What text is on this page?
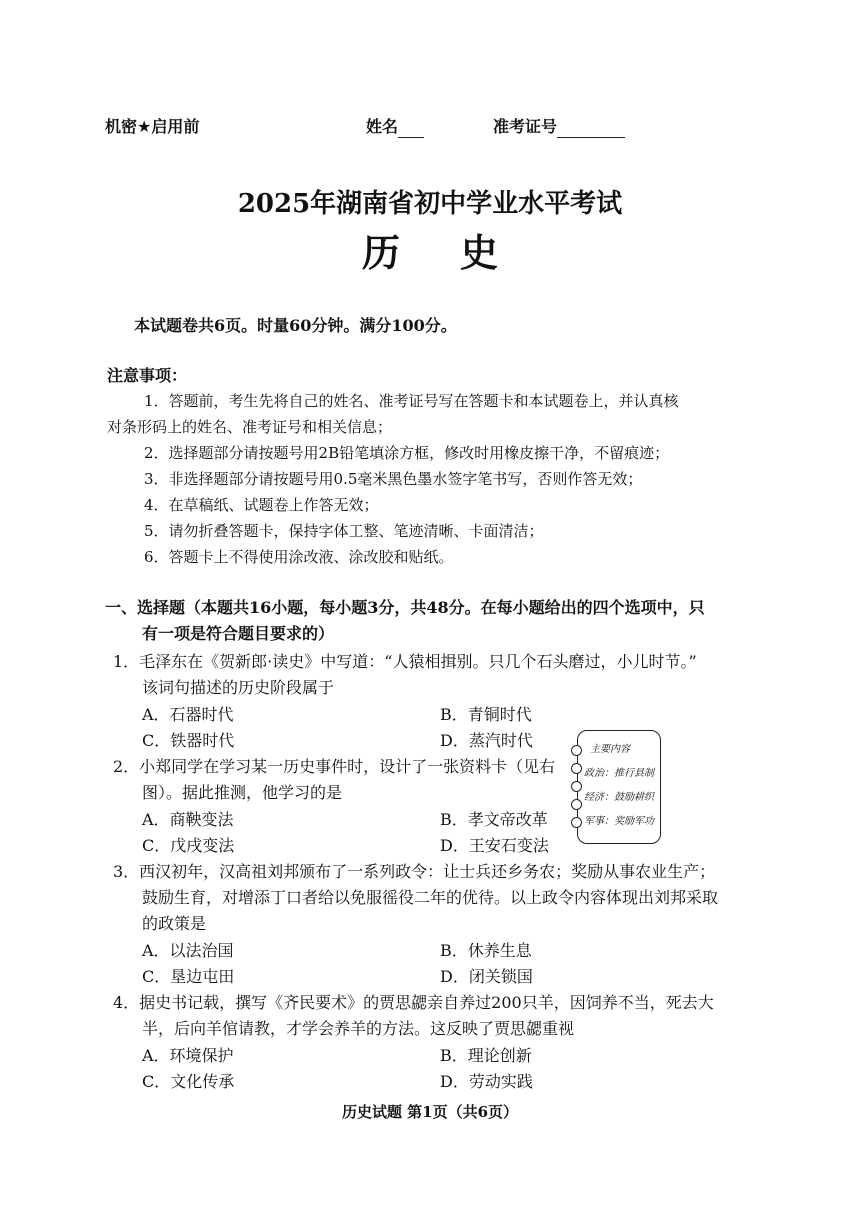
机密★启用前	姓名	准考证号
2025年湖南省初中学业水平考试
历史
本试题卷共6页。时量60分钟。满分100分。
注意事项：
1．答题前，考生先将自己的姓名、准考证号写在答题卡和本试题卷上，并认真核
对条形码上的姓名、准考证号和相关信息；
2．选择题部分请按题号用2B铅笔填涂方框，修改时用橡皮擦干净，不留痕迹；
3．非选择题部分请按题号用0.5毫米黑色墨水签字笔书写，否则作答无效；
4．在草稿纸、试题卷上作答无效；
5．请勿折叠答题卡，保持字体工整、笔迹清晰、卡面清洁；
6．答题卡上不得使用涂改液、涂改胶和贴纸。
一、选择题（本题共16小题，每小题3分，共48分。在每小题给出的四个选项中，只
有一项是符合题目要求的）
1．毛泽东在《贺新郎·读史》中写道：“人猿相揖别。只几个石头磨过，小儿时节。”
该词句描述的历史阶段属于
A．石器时代	B．青铜时代
C．铁器时代	D．蒸汽时代
2．小郑同学在学习某一历史事件时，设计了一张资料卡（见右
图）。据此推测，他学习的是
A．商鞅变法	B．孝文帝改革
C．戊戌变法	D．王安石变法
主要内容
政治：推行县制
经济：鼓励耕织
军事：奖励军功
3．西汉初年，汉高祖刘邦颁布了一系列政令：让士兵还乡务农；奖励从事农业生产；
鼓励生育，对增添丁口者给以免服徭役二年的优待。以上政令内容体现出刘邦采取
的政策是
A．以法治国	B．休养生息
C．垦边屯田	D．闭关锁国
4．据史书记载，撰写《齐民要术》的贾思勰亲自养过200只羊，因饲养不当，死去大
半，后向羊倌请教，才学会养羊的方法。这反映了贾思勰重视
A．环境保护	B．理论创新
C．文化传承	D．劳动实践
历史试题 第1页（共6页）
